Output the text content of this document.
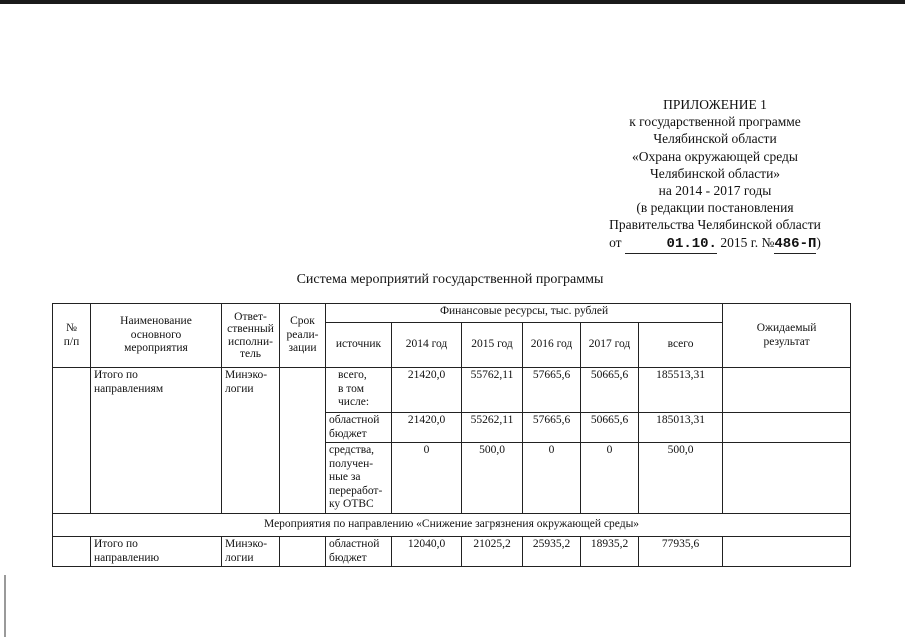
ПРИЛОЖЕНИЕ 1
к государственной программе
Челябинской области
«Охрана окружающей среды
Челябинской области»
на 2014 - 2017 годы
(в редакции постановления
Правительства Челябинской области
от	01.10. 2015 г. №486-П)
Система мероприятий государственной программы
№
п/п	Наименование
основного
мероприятия	Ответ-
ственный
исполни-
тель	Срок
реали-
зации	Финансовые ресурсы, тыс. рублей						Ожидаемый
результат
				источник	2014 год	2015 год	2016 год	2017 год	всего	
	Итого по
направлениям	Минэко-
логии		всего,
в том
числе:	21420,0	55762,11	57665,6	50665,6	185513,31	
				областной
бюджет	21420,0	55262,11	57665,6	50665,6	185013,31	
				средства,
получен-
ные за
переработ-
ку ОТВС	0	500,0	0	0	500,0	
Мероприятия по направлению «Снижение загрязнения окружающей среды»										
	Итого по
направлению	Минэко-
логии		областной
бюджет	12040,0	21025,2	25935,2	18935,2	77935,6	
